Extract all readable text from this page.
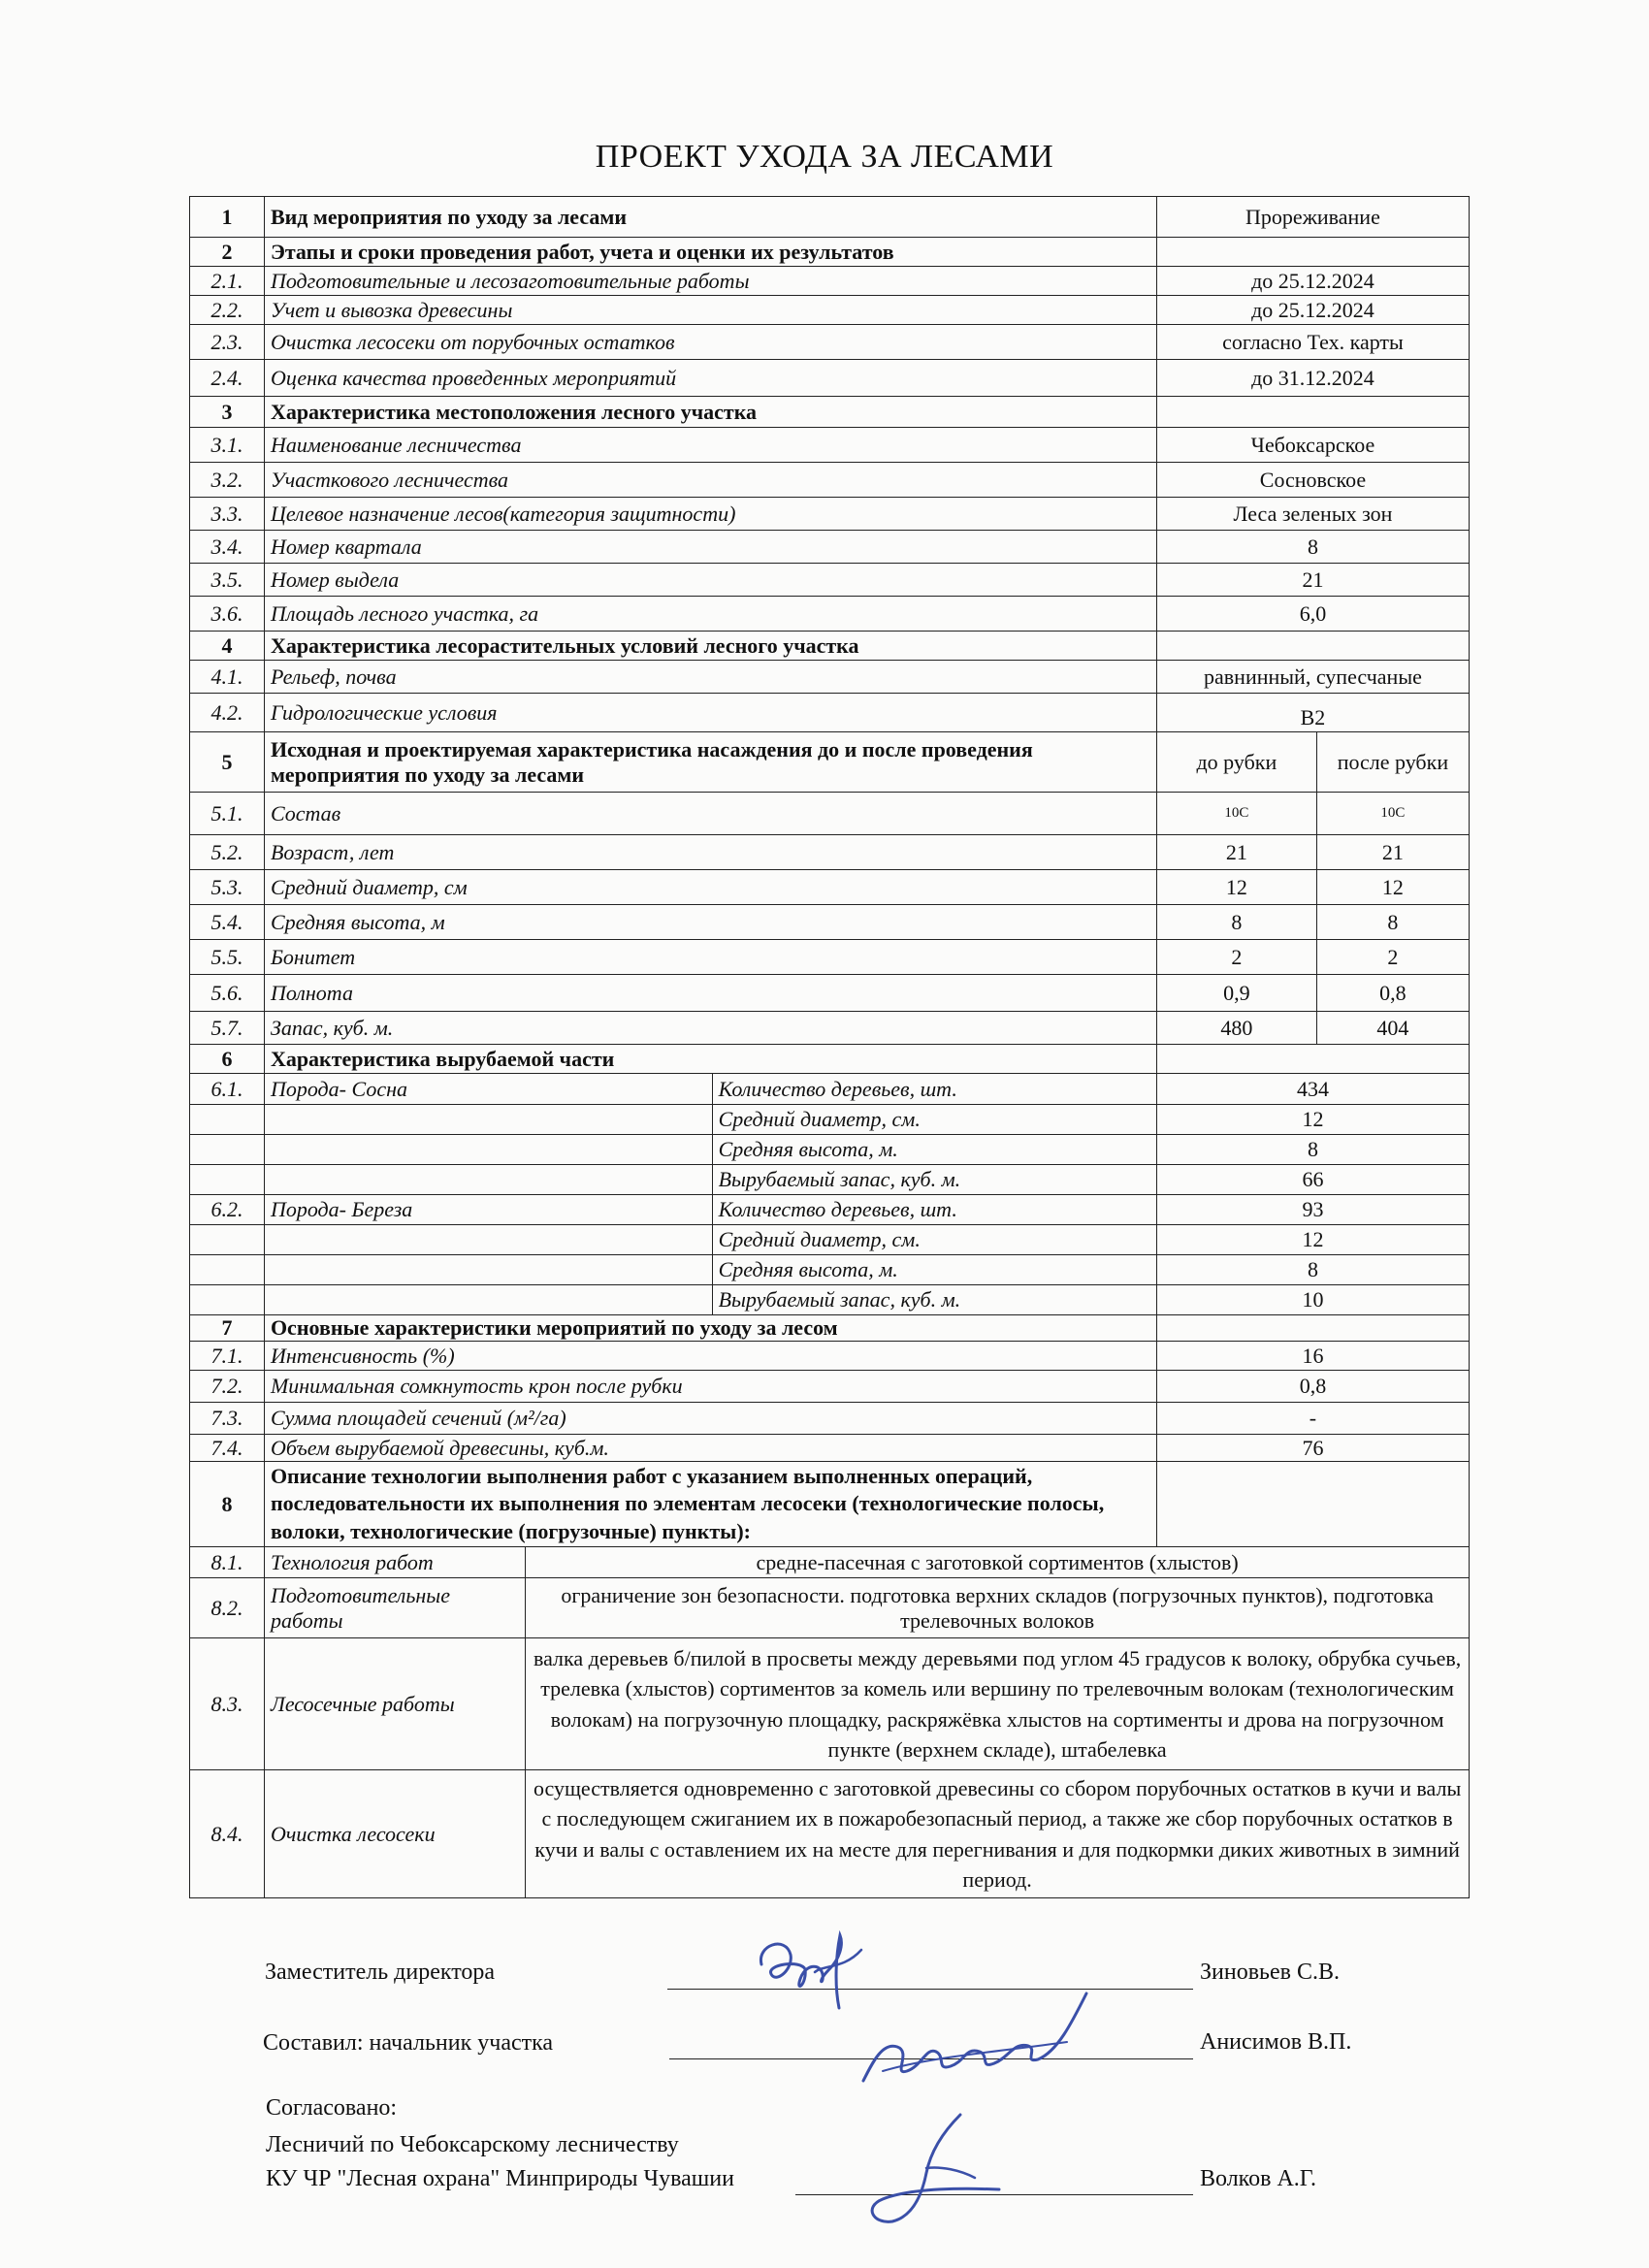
ПРОЕКТ УХОДА ЗА ЛЕСАМИ
1	Вид мероприятия по уходу за лесами			Прореживание	
2	Этапы и сроки проведения работ, учета и оценки их результатов				
2.1.	Подготовительные и лесозаготовительные работы			до 25.12.2024	
2.2.	Учет и вывозка древесины			до 25.12.2024	
2.3.	Очистка лесосеки от порубочных остатков			согласно Тех. карты	
2.4.	Оценка качества проведенных мероприятий			до 31.12.2024	
3	Характеристика местоположения лесного участка				
3.1.	Наименование лесничества			Чебоксарское	
3.2.	Участкового лесничества			Сосновское	
3.3.	Целевое назначение лесов(категория защитности)			Леса зеленых зон	
3.4.	Номер квартала			8	
3.5.	Номер выдела			21	
3.6.	Площадь лесного участка, га			6,0	
4	Характеристика лесорастительных условий лесного участка				
4.1.	Рельеф, почва			равнинный, супесчаные	
4.2.	Гидрологические условия			В2	
5	Исходная и проектируемая характеристика насаждения до и после проведения мероприятия по уходу за лесами			до рубки	после рубки
5.1.	Состав			10С	10С
5.2.	Возраст, лет			21	21
5.3.	Средний диаметр, см			12	12
5.4.	Средняя высота, м			8	8
5.5.	Бонитет			2	2
5.6.	Полнота			0,9	0,8
5.7.	Запас, куб. м.			480	404
6	Характеристика вырубаемой части				
6.1.	Порода- Сосна		Количество деревьев, шт.	434	
			Средний диаметр, см.	12	
			Средняя высота, м.	8	
			Вырубаемый запас, куб. м.	66	
6.2.	Порода- Береза		Количество деревьев, шт.	93	
			Средний диаметр, см.	12	
			Средняя высота, м.	8	
			Вырубаемый запас, куб. м.	10	
7	Основные характеристики мероприятий по уходу за лесом				
7.1.	Интенсивность (%)			16	
7.2.	Минимальная сомкнутость крон после рубки			0,8	
7.3.	Сумма площадей сечений (м²/га)			-	
7.4.	Объем вырубаемой древесины, куб.м.			76	
8	Описание технологии выполнения работ с указанием выполненных операций, последовательности их выполнения по элементам лесосеки (технологические полосы, волоки, технологические (погрузочные) пункты):				
8.1.	Технология работ	средне-пасечная с заготовкой сортиментов (хлыстов)			
8.2.	Подготовительные работы	ограничение зон безопасности. подготовка верхних складов (погрузочных пунктов), подготовка трелевочных волоков			
8.3.	Лесосечные работы	валка деревьев б/пилой в просветы между деревьями под углом 45 градусов к волоку, обрубка сучьев, трелевка (хлыстов) сортиментов за комель или вершину по трелевочным волокам (технологическим волокам) на погрузочную площадку, раскряжёвка хлыстов на сортименты и дрова на погрузочном пункте (верхнем складе), штабелевка			
8.4.	Очистка лесосеки	осуществляется одновременно с заготовкой древесины со сбором порубочных остатков в кучи и валы с последующем сжиганием их в пожаробезопасный период, а также же сбор порубочных остатков в кучи и валы с оставлением их на месте для перегнивания и для подкормки диких животных в зимний период.			
Заместитель директора	Зиновьев С.В.
Составил: начальник участка	Анисимов В.П.
Согласовано:
Лесничий по Чебоксарскому лесничеству
КУ ЧР "Лесная охрана" Минприроды Чувашии	Волков А.Г.
